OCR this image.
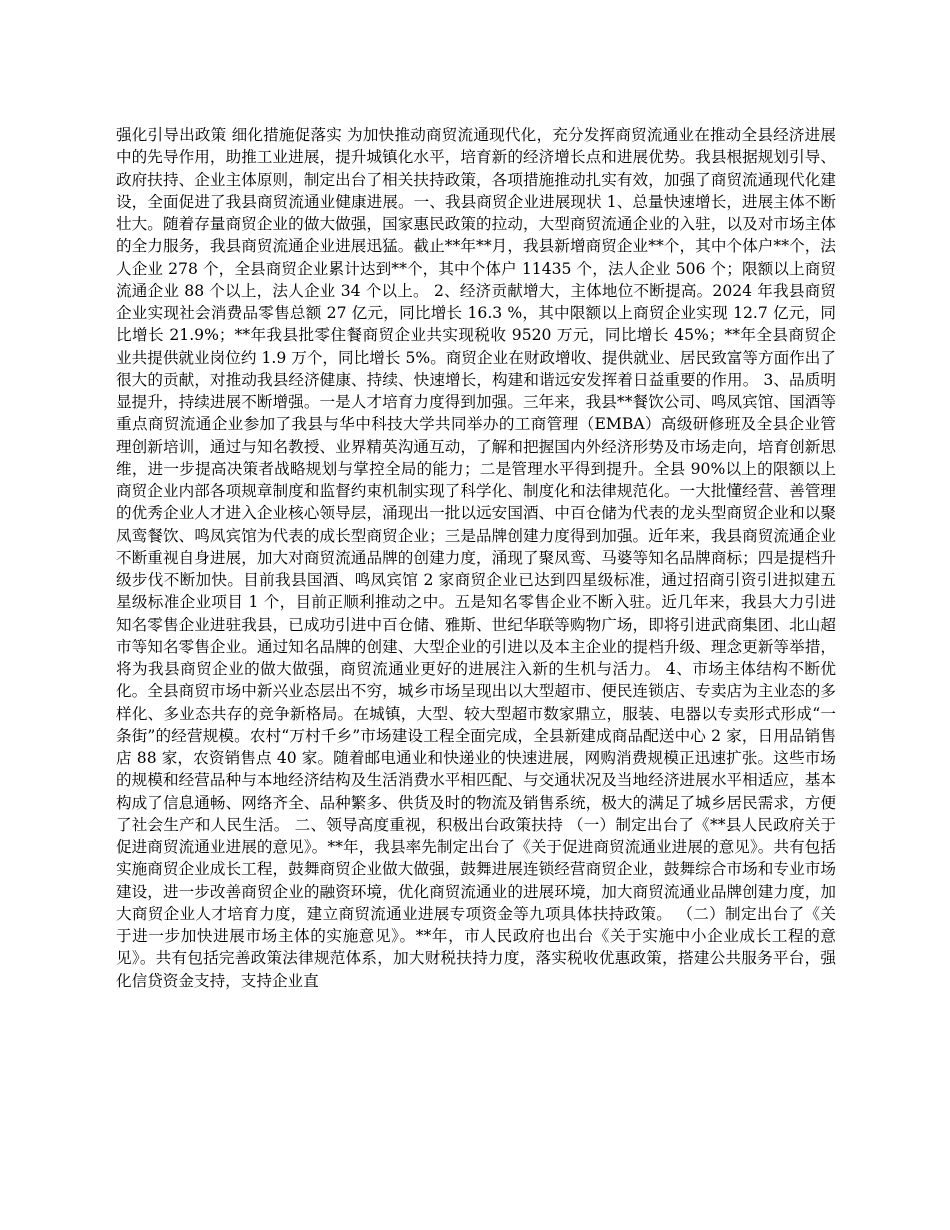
强化引导出政策 细化措施促落实 为加快推动商贸流通现代化，充分发挥商贸流通业在推动全县经济进展中的先导作用，助推工业进展，提升城镇化水平，培育新的经济增长点和进展优势。我县根据规划引导、政府扶持、企业主体原则，制定出台了相关扶持政策，各项措施推动扎实有效，加强了商贸流通现代化建设，全面促进了我县商贸流通业健康进展。一、我县商贸企业进展现状 1、总量快速增长，进展主体不断壮大。随着存量商贸企业的做大做强，国家惠民政策的拉动，大型商贸流通企业的入驻，以及对市场主体的全力服务，我县商贸流通企业进展迅猛。截止**年**月，我县新增商贸企业**个，其中个体户**个，法人企业 278 个，全县商贸企业累计达到**个，其中个体户 11435 个，法人企业 506 个；限额以上商贸流通企业 88 个以上，法人企业 34 个以上。 2、经济贡献增大，主体地位不断提高。2024 年我县商贸企业实现社会消费品零售总额 27 亿元，同比增长 16.3 %，其中限额以上商贸企业实现 12.7 亿元，同比增长 21.9%；**年我县批零住餐商贸企业共实现税收 9520 万元，同比增长 45%；**年全县商贸企业共提供就业岗位约 1.9 万个，同比增长 5%。商贸企业在财政增收、提供就业、居民致富等方面作出了很大的贡献，对推动我县经济健康、持续、快速增长，构建和谐远安发挥着日益重要的作用。 3、品质明显提升，持续进展不断增强。一是人才培育力度得到加强。三年来，我县**餐饮公司、鸣凤宾馆、国酒等重点商贸流通企业参加了我县与华中科技大学共同举办的工商管理（EMBA）高级研修班及全县企业管理创新培训，通过与知名教授、业界精英沟通互动，了解和把握国内外经济形势及市场走向，培育创新思维，进一步提高决策者战略规划与掌控全局的能力；二是管理水平得到提升。全县 90%以上的限额以上商贸企业内部各项规章制度和监督约束机制实现了科学化、制度化和法律规范化。一大批懂经营、善管理的优秀企业人才进入企业核心领导层，涌现出一批以远安国酒、中百仓储为代表的龙头型商贸企业和以聚凤鸾餐饮、鸣凤宾馆为代表的成长型商贸企业；三是品牌创建力度得到加强。近年来，我县商贸流通企业不断重视自身进展，加大对商贸流通品牌的创建力度，涌现了聚凤鸾、马婆等知名品牌商标；四是提档升级步伐不断加快。目前我县国酒、鸣凤宾馆 2 家商贸企业已达到四星级标准，通过招商引资引进拟建五星级标准企业项目 1 个，目前正顺利推动之中。五是知名零售企业不断入驻。近几年来，我县大力引进知名零售企业进驻我县，已成功引进中百仓储、雅斯、世纪华联等购物广场，即将引进武商集团、北山超市等知名零售企业。通过知名品牌的创建、大型企业的引进以及本主企业的提档升级、理念更新等举措，将为我县商贸企业的做大做强，商贸流通业更好的进展注入新的生机与活力。 4、市场主体结构不断优化。全县商贸市场中新兴业态层出不穷，城乡市场呈现出以大型超市、便民连锁店、专卖店为主业态的多样化、多业态共存的竞争新格局。在城镇，大型、较大型超市数家鼎立，服装、电器以专卖形式形成“一条街”的经营规模。农村“万村千乡”市场建设工程全面完成，全县新建成商品配送中心 2 家，日用品销售店 88 家，农资销售点 40 家。随着邮电通业和快递业的快速进展，网购消费规模正迅速扩张。这些市场的规模和经营品种与本地经济结构及生活消费水平相匹配、与交通状况及当地经济进展水平相适应，基本构成了信息通畅、网络齐全、品种繁多、供货及时的物流及销售系统，极大的满足了城乡居民需求，方便了社会生产和人民生活。 二、领导高度重视，积极出台政策扶持 （一）制定出台了《**县人民政府关于促进商贸流通业进展的意见》。**年，我县率先制定出台了《关于促进商贸流通业进展的意见》。共有包括实施商贸企业成长工程，鼓舞商贸企业做大做强，鼓舞进展连锁经营商贸企业，鼓舞综合市场和专业市场建设，进一步改善商贸企业的融资环境，优化商贸流通业的进展环境，加大商贸流通业品牌创建力度，加大商贸企业人才培育力度，建立商贸流通业进展专项资金等九项具体扶持政策。 （二）制定出台了《关于进一步加快进展市场主体的实施意见》。**年，市人民政府也出台《关于实施中小企业成长工程的意见》。共有包括完善政策法律规范体系，加大财税扶持力度，落实税收优惠政策，搭建公共服务平台，强化信贷资金支持，支持企业直
